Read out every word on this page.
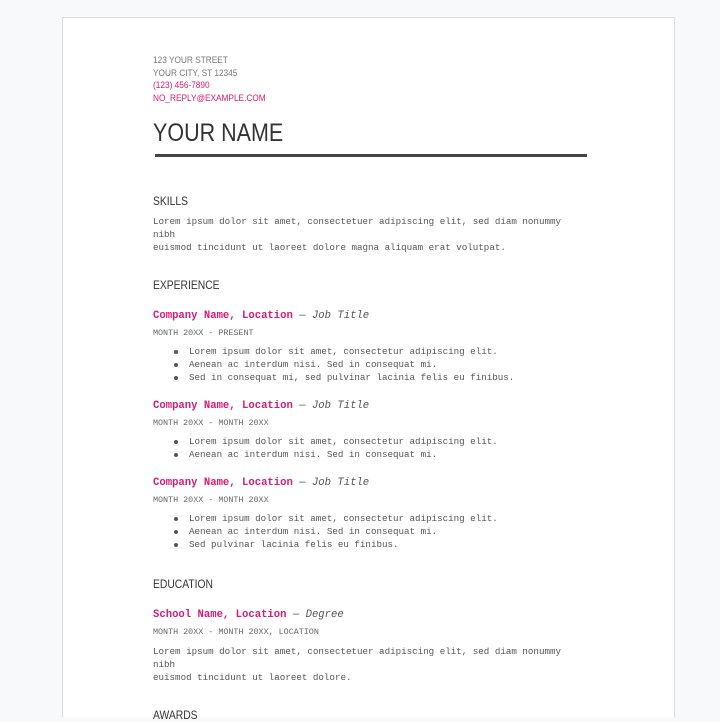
123 YOUR STREET
YOUR CITY, ST 12345
(123) 456-7890
NO_REPLY@EXAMPLE.COM
YOUR NAME
SKILLS
Lorem ipsum dolor sit amet, consectetuer adipiscing elit, sed diam nonummy nibh
euismod tincidunt ut laoreet dolore magna aliquam erat volutpat.
EXPERIENCE
Company Name, Location — Job Title
MONTH 20XX - PRESENT
Lorem ipsum dolor sit amet, consectetur adipiscing elit.
Aenean ac interdum nisi. Sed in consequat mi.
Sed in consequat mi, sed pulvinar lacinia felis eu finibus.
Company Name, Location — Job Title
MONTH 20XX - MONTH 20XX
Lorem ipsum dolor sit amet, consectetur adipiscing elit.
Aenean ac interdum nisi. Sed in consequat mi.
Company Name, Location — Job Title
MONTH 20XX - MONTH 20XX
Lorem ipsum dolor sit amet, consectetur adipiscing elit.
Aenean ac interdum nisi. Sed in consequat mi.
Sed pulvinar lacinia felis eu finibus.
EDUCATION
School Name, Location — Degree
MONTH 20XX - MONTH 20XX, LOCATION
Lorem ipsum dolor sit amet, consectetuer adipiscing elit, sed diam nonummy nibh
euismod tincidunt ut laoreet dolore.
AWARDS
